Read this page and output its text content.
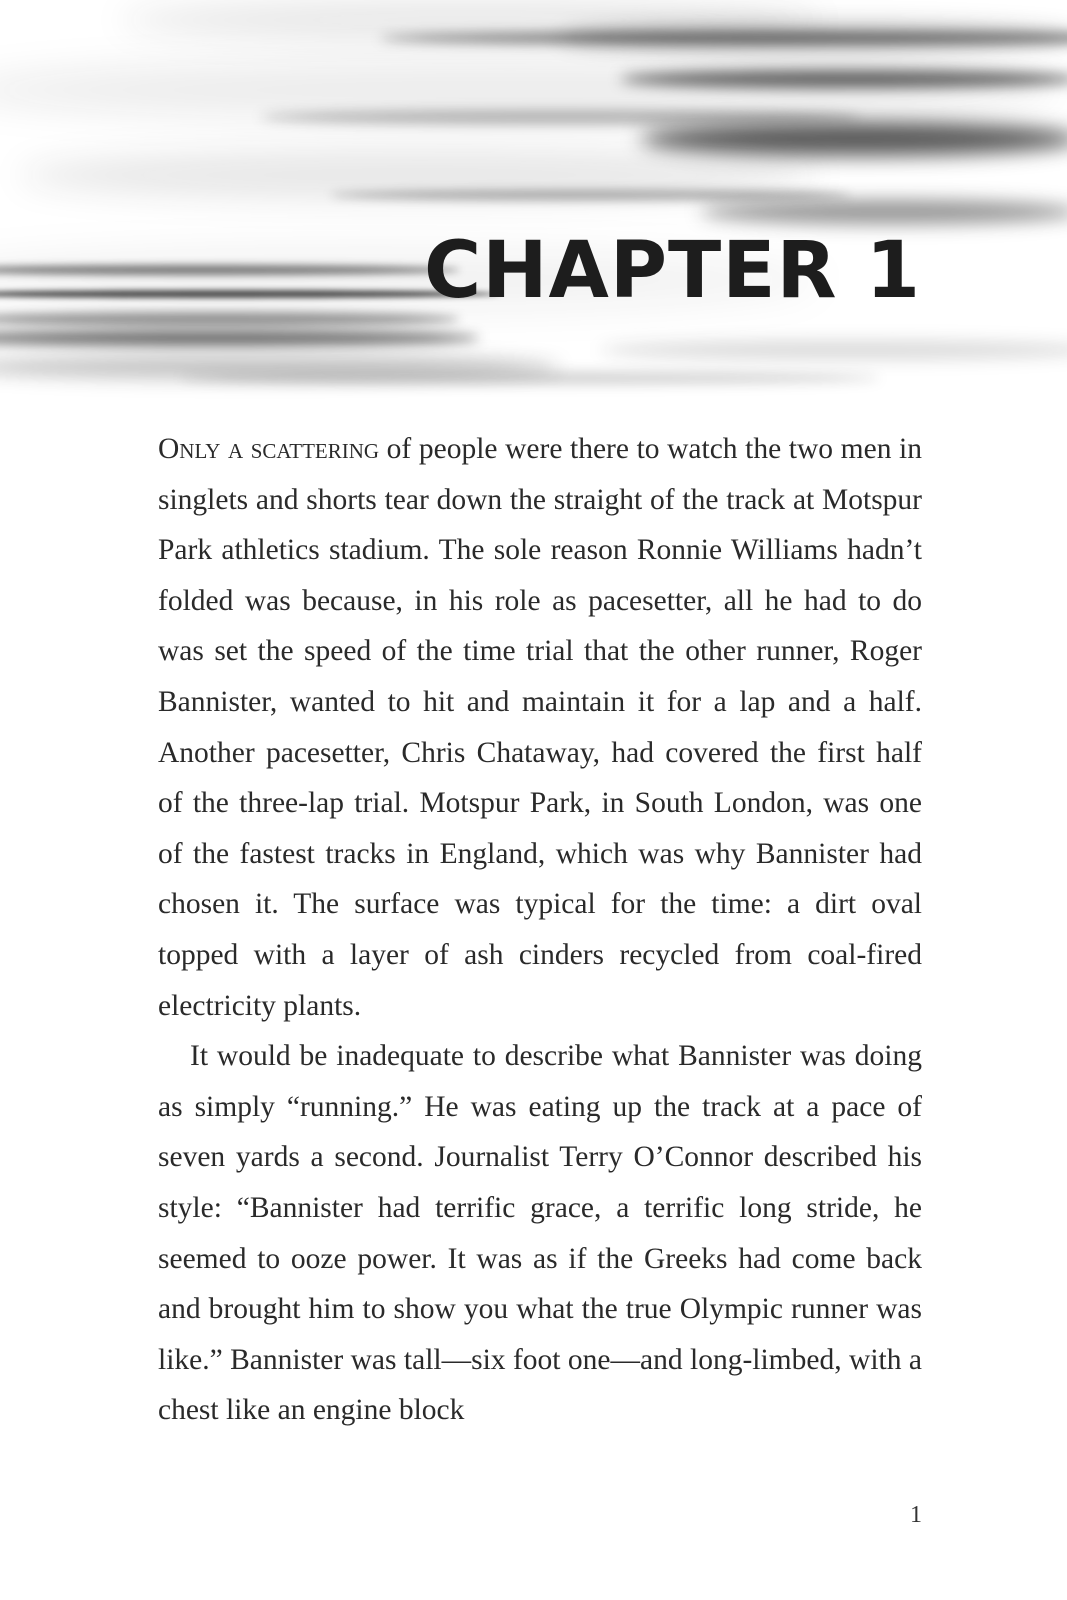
CHAPTER 1

Only a scattering of people were there to watch the two men in singlets and shorts tear down the straight of the track at Motspur Park athletics stadium. The sole reason Ronnie Williams hadn’t folded was because, in his role as pacesetter, all he had to do was set the speed of the time trial that the other runner, Roger Bannister, wanted to hit and maintain it for a lap and a half. Another pacesetter, Chris Chataway, had covered the first half of the three-lap trial. Motspur Park, in South London, was one of the fastest tracks in England, which was why Bannister had chosen it. The surface was typical for the time: a dirt oval topped with a layer of ash cinders recycled from coal-fired electricity plants.

It would be inadequate to describe what Bannister was doing as simply “running.” He was eating up the track at a pace of seven yards a second. Journalist Terry O’Connor described his style: “Bannister had terrific grace, a terrific long stride, he seemed to ooze power. It was as if the Greeks had come back and brought him to show you what the true Olympic runner was like.” Bannister was tall—six foot one—and long-limbed, with a chest like an engine block

1
